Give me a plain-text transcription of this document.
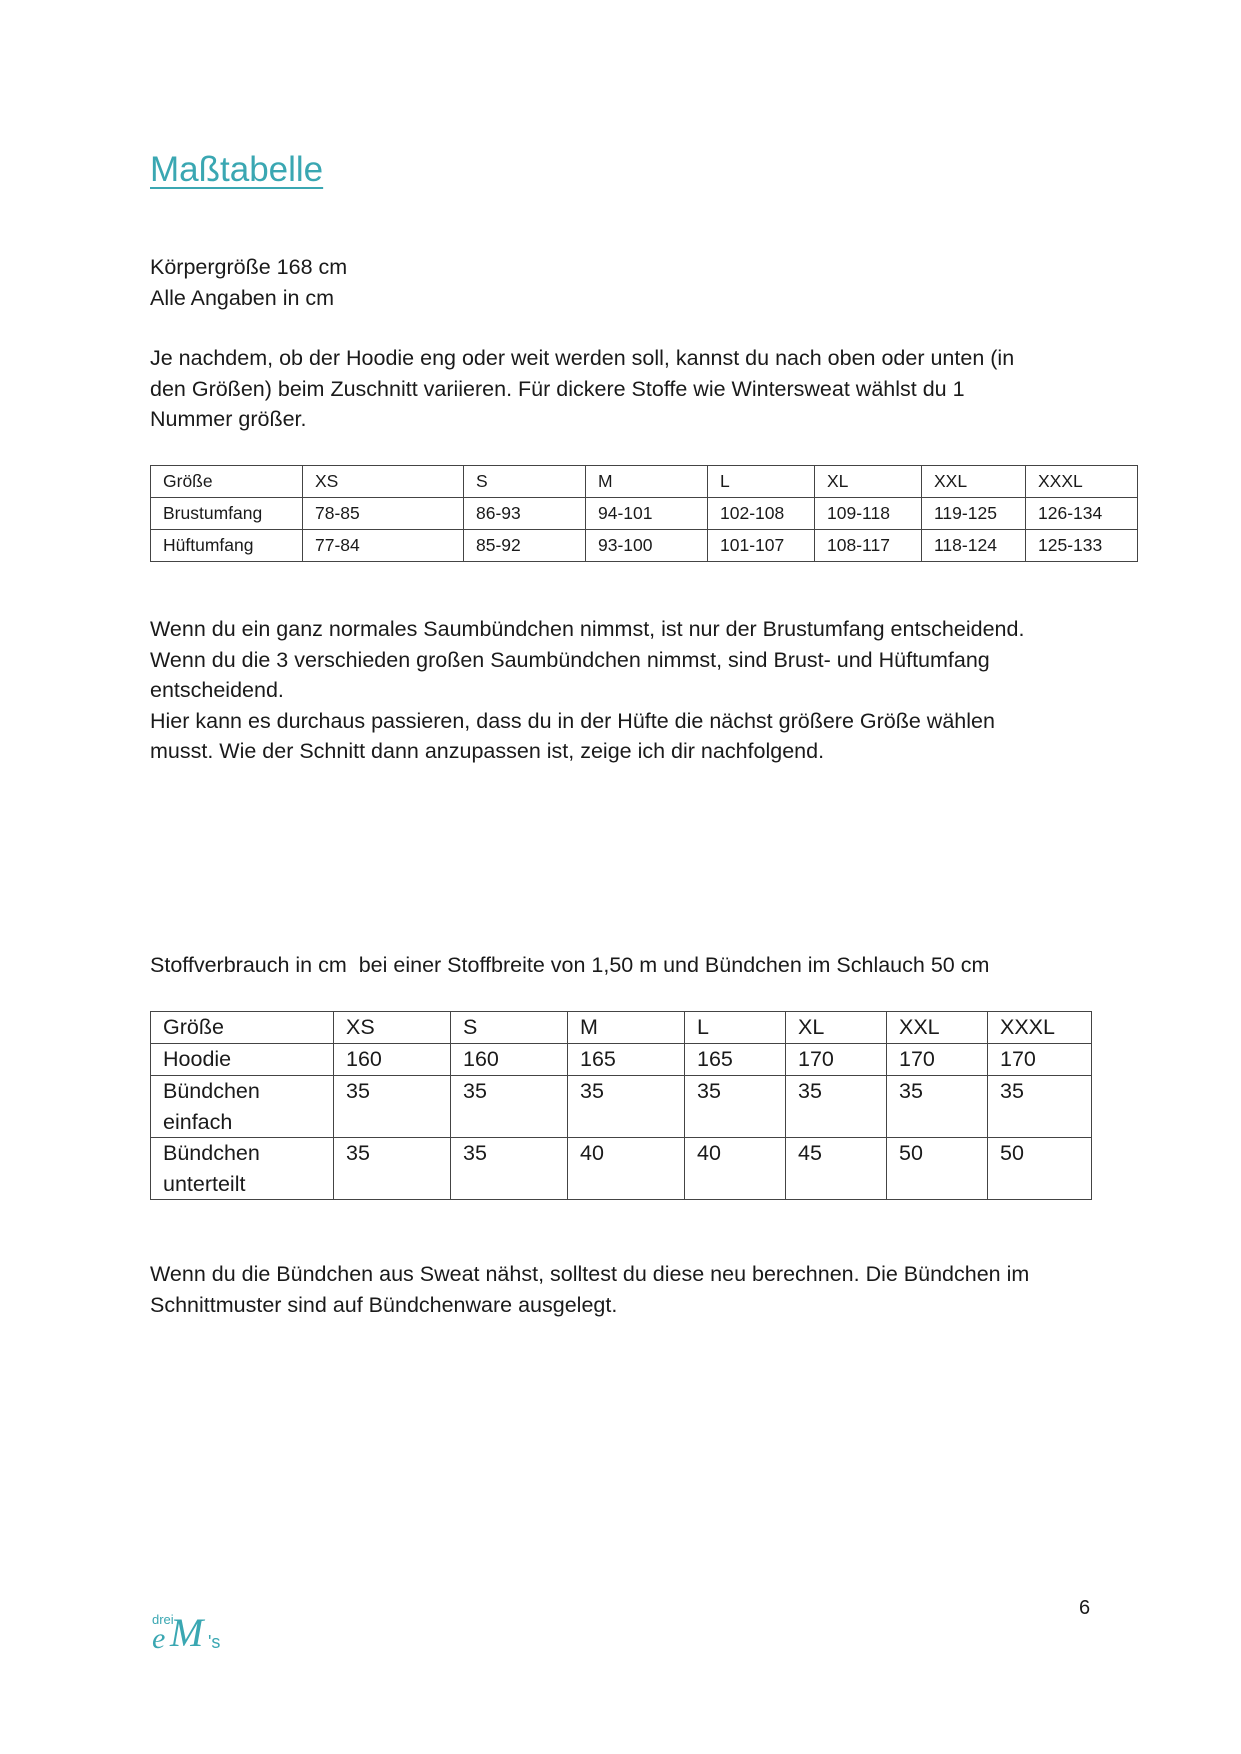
Maßtabelle

Körpergröße 168 cm
Alle Angaben in cm

Je nachdem, ob der Hoodie eng oder weit werden soll, kannst du nach oben oder unten (in
den Größen) beim Zuschnitt variieren. Für dickere Stoffe wie Wintersweat wählst du 1
Nummer größer.

Größe	XS	S	M	L	XL	XXL	XXXL
Brustumfang	78-85	86-93	94-101	102-108	109-118	119-125	126-134
Hüftumfang	77-84	85-92	93-100	101-107	108-117	118-124	125-133

Wenn du ein ganz normales Saumbündchen nimmst, ist nur der Brustumfang entscheidend.
Wenn du die 3 verschieden großen Saumbündchen nimmst, sind Brust- und Hüftumfang
entscheidend.
Hier kann es durchaus passieren, dass du in der Hüfte die nächst größere Größe wählen
musst. Wie der Schnitt dann anzupassen ist, zeige ich dir nachfolgend.

Stoffverbrauch in cm  bei einer Stoffbreite von 1,50 m und Bündchen im Schlauch 50 cm

Größe	XS	S	M	L	XL	XXL	XXXL
Hoodie	160	160	165	165	170	170	170
Bündchen einfach	35	35	35	35	35	35	35
Bündchen unterteilt	35	35	40	40	45	50	50

Wenn du die Bündchen aus Sweat nähst, solltest du diese neu berechnen. Die Bündchen im
Schnittmuster sind auf Bündchenware ausgelegt.

6
drei
e M 's
